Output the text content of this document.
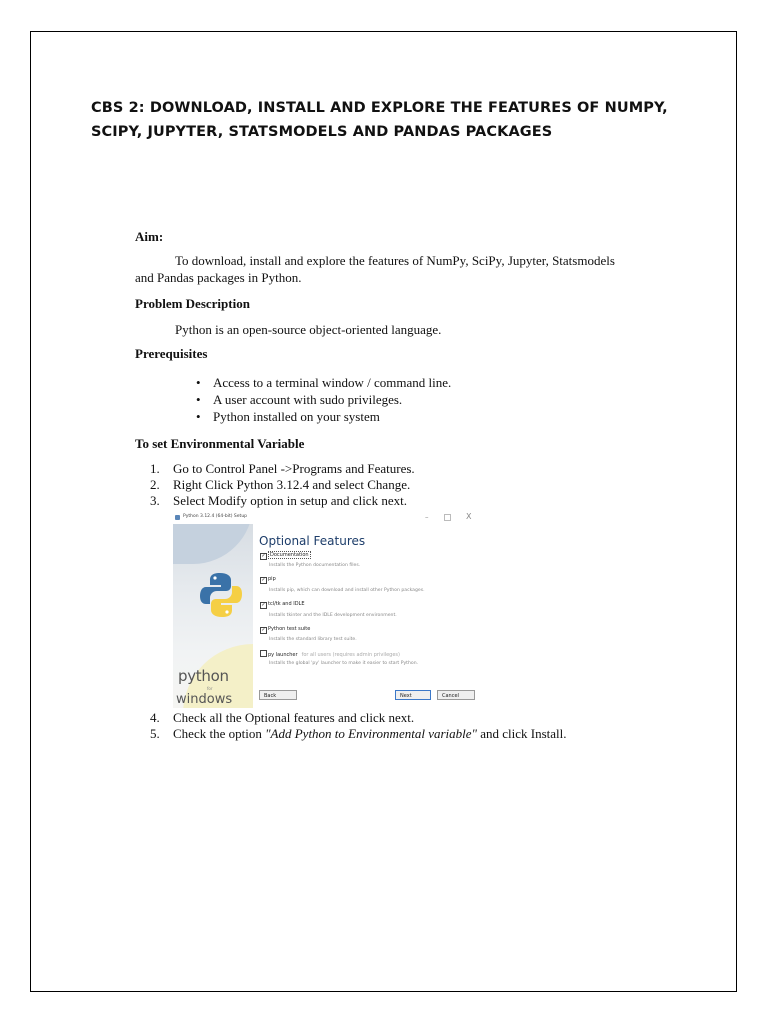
CBS 2: DOWNLOAD, INSTALL AND EXPLORE THE FEATURES OF NUMPY, SCIPY, JUPYTER, STATSMODELS AND PANDAS PACKAGES
Aim:
To download, install and explore the features of NumPy, SciPy, Jupyter, Statsmodels
and Pandas packages in Python.
Problem Description
Python is an open-source object-oriented language.
Prerequisites
• Access to a terminal window / command line.
• A user account with sudo privileges.
• Python installed on your system
To set Environmental Variable
1. Go to Control Panel ->Programs and Features.
2. Right Click Python 3.12.4 and select Change.
3. Select Modify option in setup and click next.
Python 3.12.4 (64-bit) Setup	–	X
python
for
windows
Optional Features
✓ Documentation
Installs the Python documentation files.
✓ pip
Installs pip, which can download and install other Python packages.
✓ tcl/tk and IDLE
Installs tkinter and the IDLE development environment.
✓ Python test suite
Installs the standard library test suite.
py launcher for all users (requires admin privileges)
Installs the global 'py' launcher to make it easier to start Python.
Back	Next	Cancel
4. Check all the Optional features and click next.
5. Check the option "Add Python to Environmental variable" and click Install.
